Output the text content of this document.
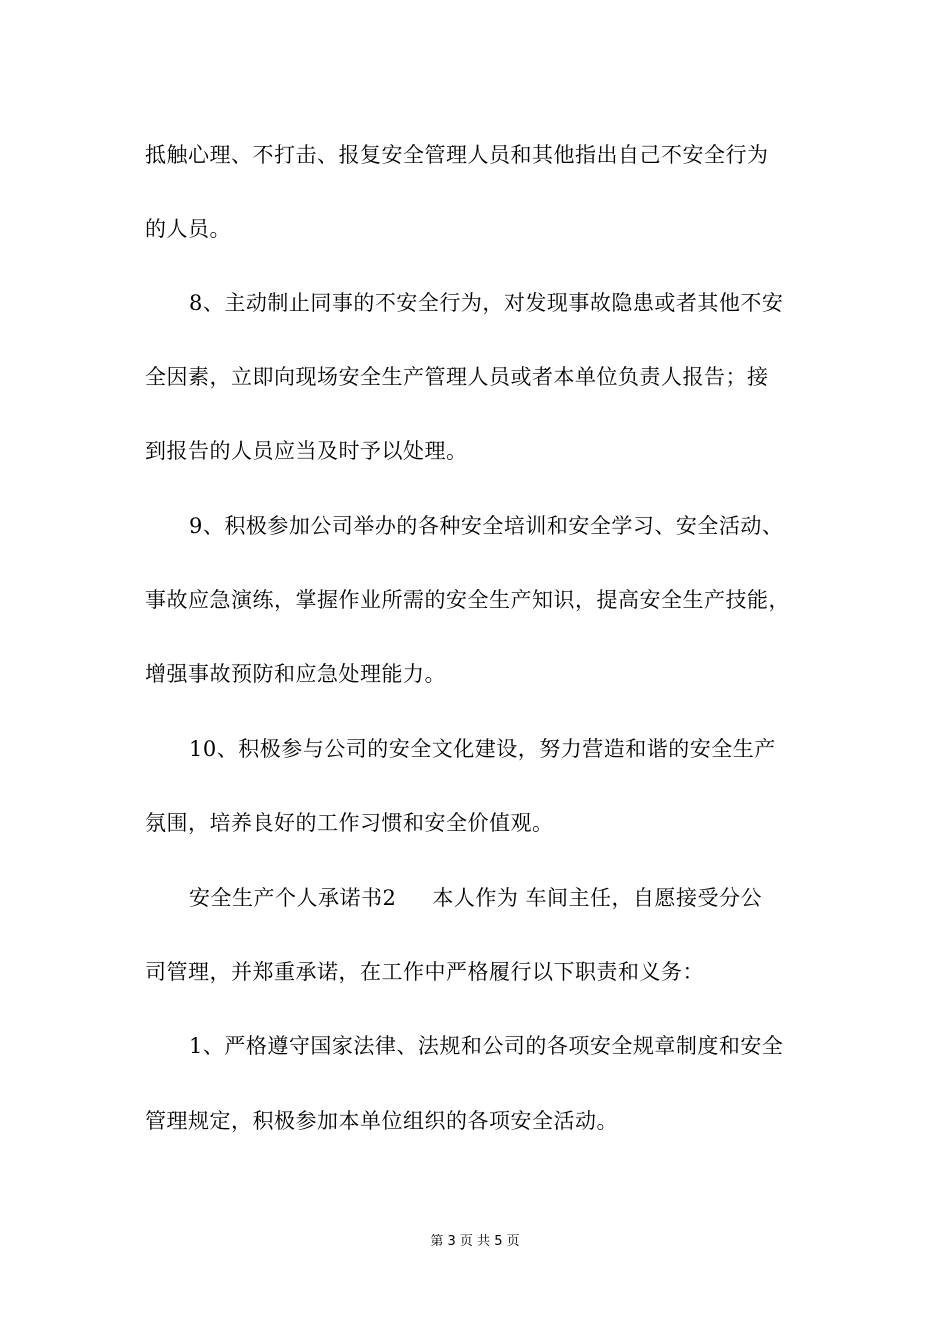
抵触心理、不打击、报复安全管理人员和其他指出自己不安全行为
的人员。
8、主动制止同事的不安全行为，对发现事故隐患或者其他不安
全因素，立即向现场安全生产管理人员或者本单位负责人报告；接
到报告的人员应当及时予以处理。
9、积极参加公司举办的各种安全培训和安全学习、安全活动、
事故应急演练，掌握作业所需的安全生产知识，提高安全生产技能，
增强事故预防和应急处理能力。
10、积极参与公司的安全文化建设，努力营造和谐的安全生产
氛围，培养良好的工作习惯和安全价值观。
安全生产个人承诺书2 本人作为 车间主任，自愿接受分公
司管理，并郑重承诺，在工作中严格履行以下职责和义务：
1、严格遵守国家法律、法规和公司的各项安全规章制度和安全
管理规定，积极参加本单位组织的各项安全活动。
第 3 页 共 5 页
